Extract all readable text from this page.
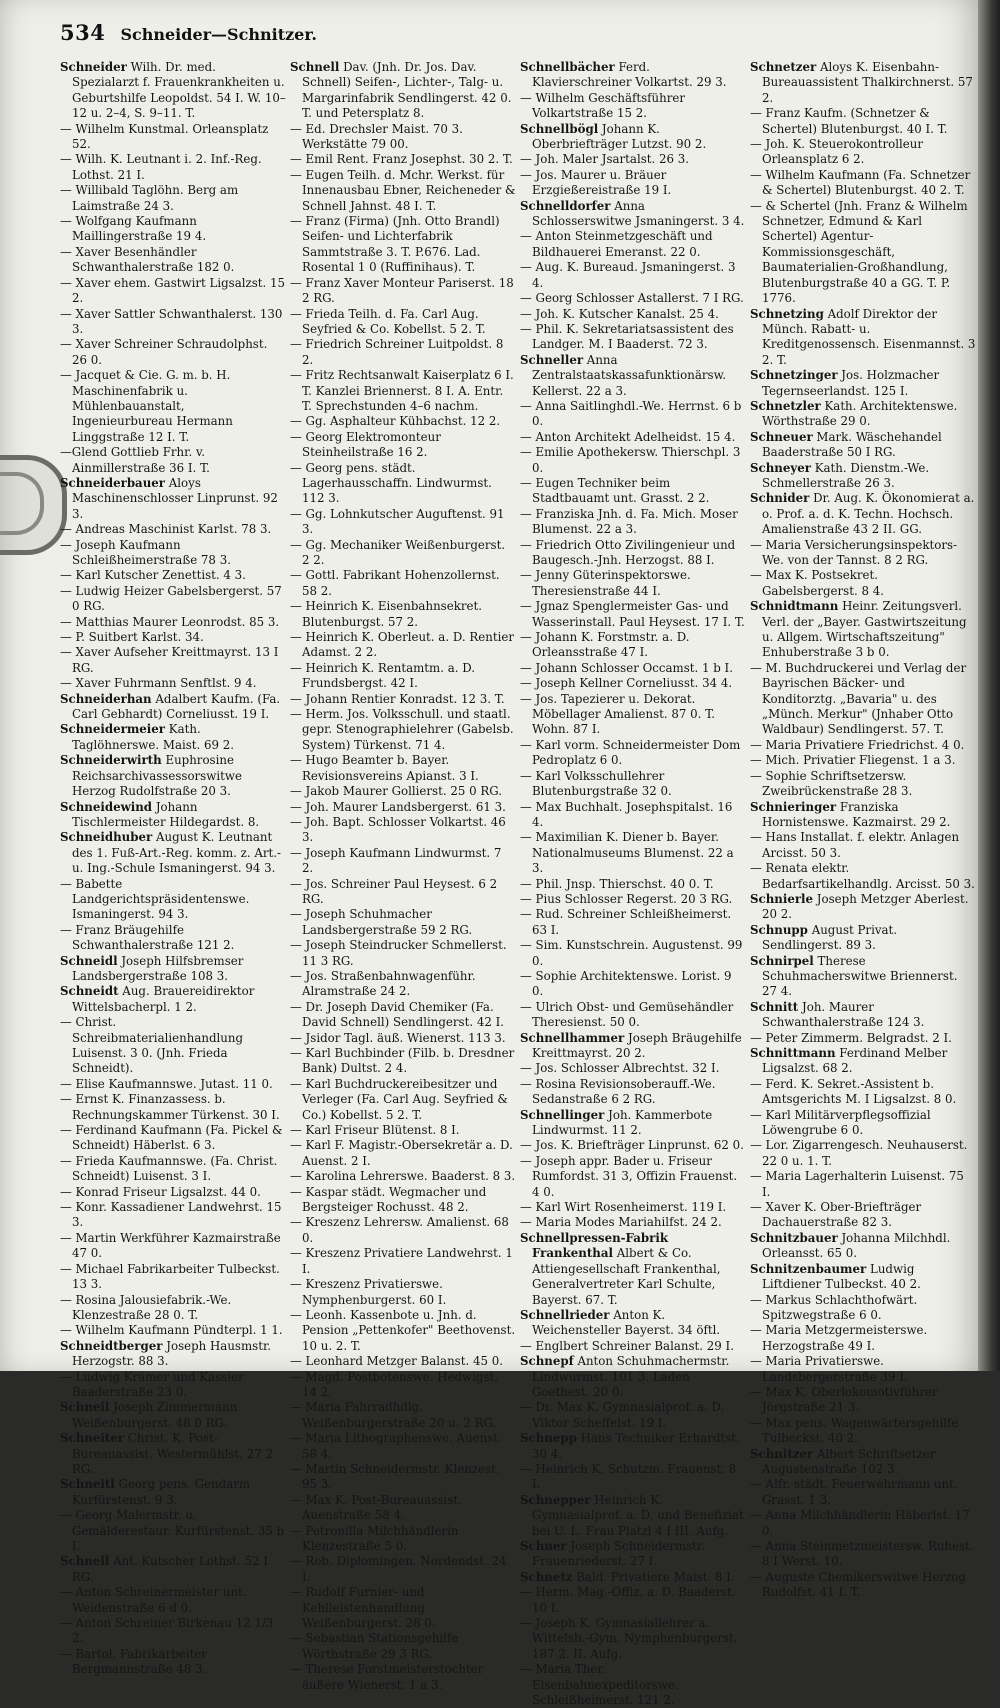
534 Schneider—Schnitzer.

Schneider Wilh. Dr. med. Spezialarzt f. Frauenkrankheiten u. Geburtshilfe Leopoldst. 54 I. W. 10–12 u. 2–4, S. 9–11. T.

— Wilhelm Kunstmal. Orleansplatz 52.

— Wilh. K. Leutnant i. 2. Inf.-Reg. Lothst. 21 I.

— Willibald Taglöhn. Berg am Laimstraße 24 3.

— Wolfgang Kaufmann Maillingerstraße 19 4.

— Xaver Besenhändler Schwanthalerstraße 182 0.

— Xaver ehem. Gastwirt Ligsalzst. 15 2.

— Xaver Sattler Schwanthalerst. 130 3.

— Xaver Schreiner Schraudolphst. 26 0.

— Jacquet & Cie. G. m. b. H. Maschinenfabrik u. Mühlenbauanstalt, Ingenieurbureau Hermann Linggstraße 12 I. T.

—Glend Gottlieb Frhr. v. Ainmillerstraße 36 I. T.

Schneiderbauer Aloys Maschinenschlosser Linprunst. 92 3.

— Andreas Maschinist Karlst. 78 3.

— Joseph Kaufmann Schleißheimerstraße 78 3.

— Karl Kutscher Zenettist. 4 3.

— Ludwig Heizer Gabelsbergerst. 57 0 RG.

— Matthias Maurer Leonrodst. 85 3.

— P. Suitbert Karlst. 34.

— Xaver Aufseher Kreittmayrst. 13 I RG.

— Xaver Fuhrmann Senftlst. 9 4.

Schneiderhan Adalbert Kaufm. (Fa. Carl Gebhardt) Corneliusst. 19 I.

Schneidermeier Kath. Taglöhnerswe. Maist. 69 2.

Schneiderwirth Euphrosine Reichsarchivassessorswitwe Herzog Rudolfstraße 20 3.

Schneidewind Johann Tischlermeister Hildegardst. 8.

Schneidhuber August K. Leutnant des 1. Fuß-Art.-Reg. komm. z. Art.- u. Ing.-Schule Ismaningerst. 94 3.

— Babette Landgerichtspräsidentenswe. Ismaningerst. 94 3.

— Franz Bräugehilfe Schwanthalerstraße 121 2.

Schneidl Joseph Hilfsbremser Landsbergerstraße 108 3.

Schneidt Aug. Brauereidirektor Wittelsbacherpl. 1 2.

— Christ. Schreibmaterialienhandlung Luisenst. 3 0. (Jnh. Frieda Schneidt).

— Elise Kaufmannswe. Jutast. 11 0.

— Ernst K. Finanzassess. b. Rechnungskammer Türkenst. 30 I.

— Ferdinand Kaufmann (Fa. Pickel & Schneidt) Häberlst. 6 3.

— Frieda Kaufmannswe. (Fa. Christ. Schneidt) Luisenst. 3 I.

— Konrad Friseur Ligsalzst. 44 0.

— Konr. Kassadiener Landwehrst. 15 3.

— Martin Werkführer Kazmairstraße 47 0.

— Michael Fabrikarbeiter Tulbeckst. 13 3.

— Rosina Jalousiefabrik.-We. Klenzestraße 28 0. T.

— Wilhelm Kaufmann Pündterpl. 1 1.

Schneidtberger Joseph Hausmstr. Herzogstr. 88 3.

— Ludwig Krämer und Kassier Baaderstraße 23 0.

Schneil Joseph Zimmermann Weißenburgerst. 48 0 RG.

Schneiter Christ. K. Post-Bureauassist. Westermühlst. 27 2 RG.

Schneitl Georg pens. Gendarm Kurfürstenst. 9 3.

— Georg Malermstr. u. Gemälderestaur. Kurfürstenst. 35 b I.

Schnell Ant. Kutscher Lothst. 52 I RG.

— Anton Schreinermeister unt. Weidenstraße 6 d 0.

— Anton Schreiner Birkenau 12 1/3 2.

— Bartol. Fabrikarbeiter Bergmannstraße 48 3.

Schnell Dav. (Jnh. Dr. Jos. Dav. Schnell) Seifen-, Lichter-, Talg- u. Margarinfabrik Sendlingerst. 42 0. T. und Petersplatz 8.

— Ed. Drechsler Maist. 70 3. Werkstätte 79 00.

— Emil Rent. Franz Josephst. 30 2. T.

— Eugen Teilh. d. Mchr. Werkst. für Innenausbau Ebner, Reicheneder & Schnell Jahnst. 48 I. T.

— Franz (Firma) (Jnh. Otto Brandl) Seifen- und Lichterfabrik Sammtstraße 3. T. P.676. Lad. Rosental 1 0 (Ruffinihaus). T.

— Franz Xaver Monteur Pariserst. 18 2 RG.

— Frieda Teilh. d. Fa. Carl Aug. Seyfried & Co. Kobellst. 5 2. T.

— Friedrich Schreiner Luitpoldst. 8 2.

— Fritz Rechtsanwalt Kaiserplatz 6 I. T. Kanzlei Briennerst. 8 I. A. Entr. T. Sprechstunden 4–6 nachm.

— Gg. Asphalteur Kühbachst. 12 2.

— Georg Elektromonteur Steinheilstraße 16 2.

— Georg pens. städt. Lagerhausschaffn. Lindwurmst. 112 3.

— Gg. Lohnkutscher Auguftenst. 91 3.

— Gg. Mechaniker Weißenburgerst. 2 2.

— Gottl. Fabrikant Hohenzollernst. 58 2.

— Heinrich K. Eisenbahnsekret. Blutenburgst. 57 2.

— Heinrich K. Oberleut. a. D. Rentier Adamst. 2 2.

— Heinrich K. Rentamtm. a. D. Frundsbergst. 42 I.

— Johann Rentier Konradst. 12 3. T.

— Herm. Jos. Volksschull. und staatl. gepr. Stenographielehrer (Gabelsb. System) Türkenst. 71 4.

— Hugo Beamter b. Bayer. Revisionsvereins Apianst. 3 I.

— Jakob Maurer Gollierst. 25 0 RG.

— Joh. Maurer Landsbergerst. 61 3.

— Joh. Bapt. Schlosser Volkartst. 46 3.

— Joseph Kaufmann Lindwurmst. 7 2.

— Jos. Schreiner Paul Heysest. 6 2 RG.

— Joseph Schuhmacher Landsbergerstraße 59 2 RG.

— Joseph Steindrucker Schmellerst. 11 3 RG.

— Jos. Straßenbahnwagenführ. Alramstraße 24 2.

— Dr. Joseph David Chemiker (Fa. David Schnell) Sendlingerst. 42 I.

— Jsidor Tagl. äuß. Wienerst. 113 3.

— Karl Buchbinder (Filb. b. Dresdner Bank) Dultst. 2 4.

— Karl Buchdruckereibesitzer und Verleger (Fa. Carl Aug. Seyfried & Co.) Kobellst. 5 2. T.

— Karl Friseur Blütenst. 8 I.

— Karl F. Magistr.-Obersekretär a. D. Auenst. 2 I.

— Karolina Lehrerswe. Baaderst. 8 3.

— Kaspar städt. Wegmacher und Bergsteiger Rochusst. 48 2.

— Kreszenz Lehrersw. Amalienst. 68 0.

— Kreszenz Privatiere Landwehrst. 1 I.

— Kreszenz Privatierswe. Nymphenburgerst. 60 I.

— Leonh. Kassenbote u. Jnh. d. Pension „Pettenkofer" Beethovenst. 10 u. 2. T.

— Leonhard Metzger Balanst. 45 0.

— Magd. Postbotenswe. Hedwigst. 14 2.

— Maria Fahrradhdlg. Weißenburgerstraße 20 u. 2 RG.

— Maria Lithographenswe. Auenst. 58 4.

— Martin Schneidermstr. Klenzest. 95 3.

— Max K. Post-Bureauassist. Auenstraße 58 4.

— Petronilla Milchhändlerin Klenzestraße 5 0.

— Rob. Diplomingen. Nordendst. 24 I.

— Rudolf Furnier- und Kehlleistenhandlung Weißenburgerst. 28 0.

— Sebastian Stationsgehilfe Wörthstraße 29 3 RG.

— Therese Forstmeisterstochter äußere Wienerst. 1 a 3.

Schnellbächer Ferd. Klavierschreiner Volkartst. 29 3.

— Wilhelm Geschäftsführer Volkartstraße 15 2.

Schnellbögl Johann K. Oberbriefträger Lutzst. 90 2.

— Joh. Maler Jsartalst. 26 3.

— Jos. Maurer u. Bräuer Erzgießereistraße 19 I.

Schnelldorfer Anna Schlosserswitwe Jsmaningerst. 3 4.

— Anton Steinmetzgeschäft und Bildhauerei Emeranst. 22 0.

— Aug. K. Bureaud. Jsmaningerst. 3 4.

— Georg Schlosser Astallerst. 7 I RG.

— Joh. K. Kutscher Kanalst. 25 4.

— Phil. K. Sekretariatsassistent des Landger. M. I Baaderst. 72 3.

Schneller Anna Zentralstaatskassafunktionärsw. Kellerst. 22 a 3.

— Anna Saitlinghdl.-We. Herrnst. 6 b 0.

— Anton Architekt Adelheidst. 15 4.

— Emilie Apothekersw. Thierschpl. 3 0.

— Eugen Techniker beim Stadtbauamt unt. Grasst. 2 2.

— Franziska Jnh. d. Fa. Mich. Moser Blumenst. 22 a 3.

— Friedrich Otto Zivilingenieur und Baugesch.-Jnh. Herzogst. 88 I.

— Jenny Güterinspektorswe. Theresienstraße 44 I.

— Jgnaz Spenglermeister Gas- und Wasserinstall. Paul Heysest. 17 I. T.

— Johann K. Forstmstr. a. D. Orleansstraße 47 I.

— Johann Schlosser Occamst. 1 b I.

— Joseph Kellner Corneliusst. 34 4.

— Jos. Tapezierer u. Dekorat. Möbellager Amalienst. 87 0. T. Wohn. 87 I.

— Karl vorm. Schneidermeister Dom Pedroplatz 6 0.

— Karl Volksschullehrer Blutenburgstraße 32 0.

— Max Buchhalt. Josephspitalst. 16 4.

— Maximilian K. Diener b. Bayer. Nationalmuseums Blumenst. 22 a 3.

— Phil. Jnsp. Thierschst. 40 0. T.

— Pius Schlosser Regerst. 20 3 RG.

— Rud. Schreiner Schleißheimerst. 63 I.

— Sim. Kunstschrein. Augustenst. 99 0.

— Sophie Architektenswe. Lorist. 9 0.

— Ulrich Obst- und Gemüsehändler Theresienst. 50 0.

Schnellhammer Joseph Bräugehilfe Kreittmayrst. 20 2.

— Jos. Schlosser Albrechtst. 32 I.

— Rosina Revisionsoberauff.-We. Sedanstraße 6 2 RG.

Schnellinger Joh. Kammerbote Lindwurmst. 11 2.

— Jos. K. Briefträger Linprunst. 62 0.

— Joseph appr. Bader u. Friseur Rumfordst. 31 3, Offizin Frauenst. 4 0.

— Karl Wirt Rosenheimerst. 119 I.

— Maria Modes Mariahilfst. 24 2.

Schnellpressen-Fabrik Frankenthal Albert & Co. Attiengesellschaft Frankenthal, Generalvertreter Karl Schulte, Bayerst. 67. T.

Schnellrieder Anton K. Weichensteller Bayerst. 34 öftl.

— Englbert Schreiner Balanst. 29 I.

Schnepf Anton Schuhmachermstr. Lindwurmst. 101 3. Laden Goethest. 20 0.

— Dr. Max K. Gymnasialprof. a. D. Viktor Scheffelst. 19 I.

Schnepp Hans Techniker Erhardtst. 30 4.

— Heinrich K. Schutzm. Frauenst. 8 I.

Schnepper Heinrich K. Gymnasialprof. a. D. und Benefiziat bei U. L. Frau Platzl 4 I III. Aufg.

Schner Joseph Schneidermstr. Frauenriederst. 27 I.

Schnetz Bald. Privatiere Maist. 8 I.

— Herm. Mag.-Offiz. a. D. Baaderst. 10 I.

— Joseph K. Gymnasiallehrer a. Wittelsb.-Gym. Nymphenburgerst. 187 2. II. Aufg.

— Maria Ther. Eisenbahnexpeditorswe. Schleißheimerst. 121 2.

Schnetzer Aloys K. Eisenbahn-Bureauassistent Thalkirchnerst. 57 2.

— Franz Kaufm. (Schnetzer & Schertel) Blutenburgst. 40 I. T.

— Joh. K. Steuerokontrolleur Orleansplatz 6 2.

— Wilhelm Kaufmann (Fa. Schnetzer & Schertel) Blutenburgst. 40 2. T.

— & Schertel (Jnh. Franz & Wilhelm Schnetzer, Edmund & Karl Schertel) Agentur-Kommissionsgeschäft, Baumaterialien-Großhandlung, Blutenburgstraße 40 a GG. T. P. 1776.

Schnetzing Adolf Direktor der Münch. Rabatt- u. Kreditgenossensch. Eisenmannst. 3 2. T.

Schnetzinger Jos. Holzmacher Tegernseerlandst. 125 I.

Schnetzler Kath. Architektenswe. Wörthstraße 29 0.

Schneuer Mark. Wäschehandel Baaderstraße 50 I RG.

Schneyer Kath. Dienstm.-We. Schmellerstraße 26 3.

Schnider Dr. Aug. K. Ökonomierat a. o. Prof. a. d. K. Techn. Hochsch. Amalienstraße 43 2 II. GG.

— Maria Versicherungsinspektors-We. von der Tannst. 8 2 RG.

— Max K. Postsekret. Gabelsbergerst. 8 4.

Schnidtmann Heinr. Zeitungsverl. Verl. der „Bayer. Gastwirtszeitung u. Allgem. Wirtschaftszeitung" Enhuberstraße 3 b 0.

— M. Buchdruckerei und Verlag der Bayrischen Bäcker- und Konditorztg. „Bavaria" u. des „Münch. Merkur" (Jnhaber Otto Waldbaur) Sendlingerst. 57. T.

— Maria Privatiere Friedrichst. 4 0.

— Mich. Privatier Fliegenst. 1 a 3.

— Sophie Schriftsetzersw. Zweibrückenstraße 28 3.

Schnieringer Franziska Hornistenswe. Kazmairst. 29 2.

— Hans Installat. f. elektr. Anlagen Arcisst. 50 3.

— Renata elektr. Bedarfsartikelhandlg. Arcisst. 50 3.

Schnierle Joseph Metzger Aberlest. 20 2.

Schnupp August Privat. Sendlingerst. 89 3.

Schnirpel Therese Schuhmacherswitwe Briennerst. 27 4.

Schnitt Joh. Maurer Schwanthalerstraße 124 3.

— Peter Zimmerm. Belgradst. 2 I.

Schnittmann Ferdinand Melber Ligsalzst. 68 2.

— Ferd. K. Sekret.-Assistent b. Amtsgerichts M. I Ligsalzst. 8 0.

— Karl Militärverpflegsoffizial Löwengrube 6 0.

— Lor. Zigarrengesch. Neuhauserst. 22 0 u. 1. T.

— Maria Lagerhalterin Luisenst. 75 I.

— Xaver K. Ober-Briefträger Dachauerstraße 82 3.

Schnitzbauer Johanna Milchhdl. Orleansst. 65 0.

Schnitzenbaumer Ludwig Liftdiener Tulbeckst. 40 2.

— Markus Schlachthofwärt. Spitzwegstraße 6 0.

— Maria Metzgermeisterswe. Herzogstraße 49 I.

— Maria Privatierswe. Landsbergerstraße 39 I.

— Max K. Oberlokomotivführer Jörgstraße 21 3.

— Max pens. Wagenwärtersgehilfe Tulbeckst. 40 2.

Schnitzer Albert Schriftsetzer Augustenstraße 102 3.

— Alfr. städt. Feuerwehrmann unt. Grasst. 1 3.

— Anna Milchhändlerin Häberlst. 17 0.

— Anna Steinmetzmeistersw. Ruhest. 8 I Werst. 10.

— Auguste Chemikerswitwe Herzog Rudolfst. 41 I. T.
